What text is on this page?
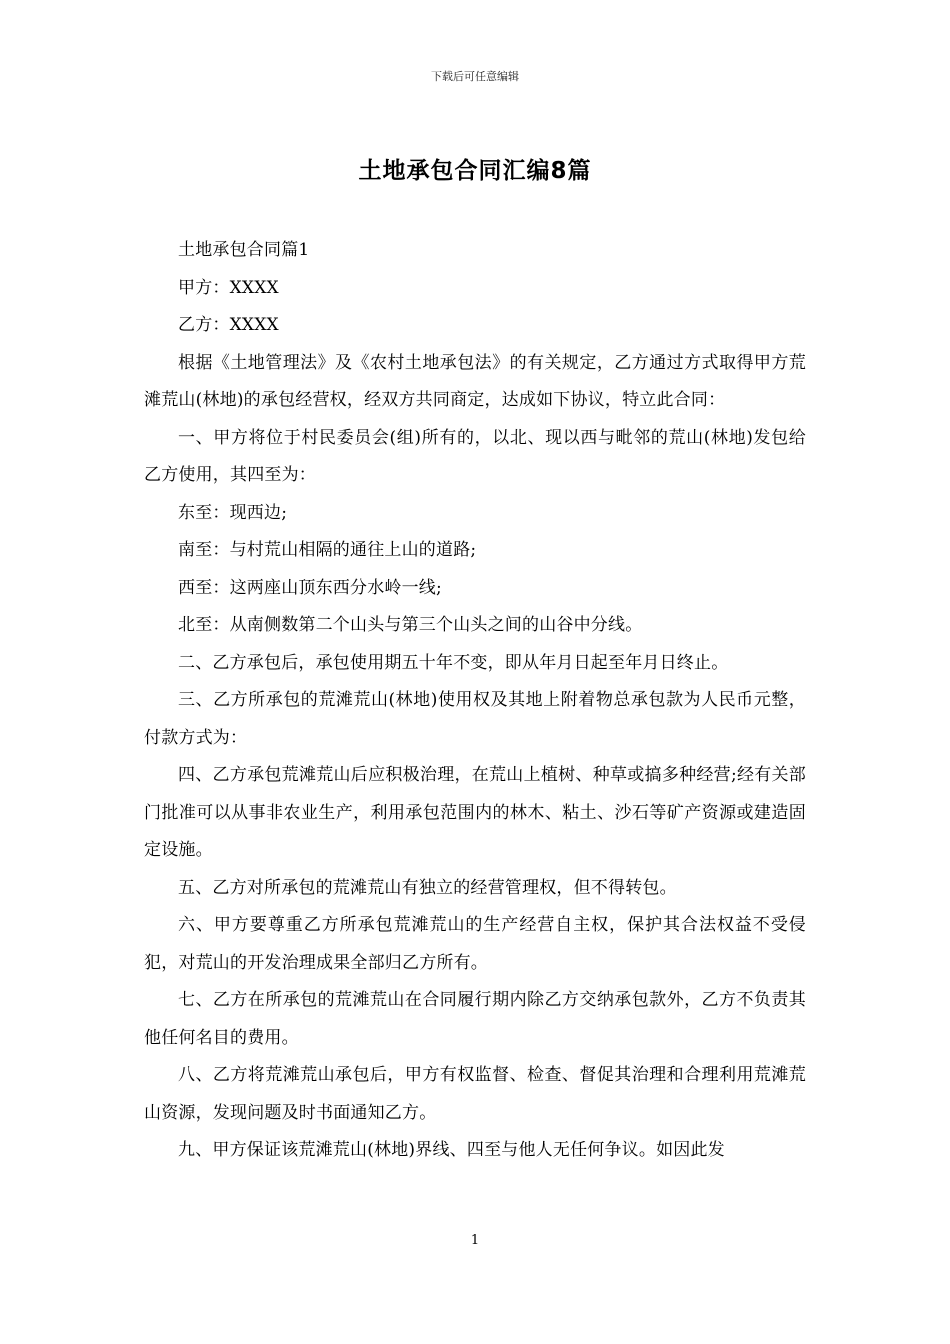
下载后可任意编辑
土地承包合同汇编8篇

土地承包合同篇1

甲方：XXXX

乙方：XXXX

根据《土地管理法》及《农村土地承包法》的有关规定，乙方通过方式取得甲方荒滩荒山(林地)的承包经营权，经双方共同商定，达成如下协议，特立此合同：

一、甲方将位于村民委员会(组)所有的，以北、现以西与毗邻的荒山(林地)发包给乙方使用，其四至为：

东至：现西边;

南至：与村荒山相隔的通往上山的道路;

西至：这两座山顶东西分水岭一线;

北至：从南侧数第二个山头与第三个山头之间的山谷中分线。

二、乙方承包后，承包使用期五十年不变，即从年月日起至年月日终止。

三、乙方所承包的荒滩荒山(林地)使用权及其地上附着物总承包款为人民币元整，付款方式为：

四、乙方承包荒滩荒山后应积极治理，在荒山上植树、种草或搞多种经营;经有关部门批准可以从事非农业生产，利用承包范围内的林木、粘土、沙石等矿产资源或建造固定设施。

五、乙方对所承包的荒滩荒山有独立的经营管理权，但不得转包。

六、甲方要尊重乙方所承包荒滩荒山的生产经营自主权，保护其合法权益不受侵犯，对荒山的开发治理成果全部归乙方所有。

七、乙方在所承包的荒滩荒山在合同履行期内除乙方交纳承包款外，乙方不负责其他任何名目的费用。

八、乙方将荒滩荒山承包后，甲方有权监督、检查、督促其治理和合理利用荒滩荒山资源，发现问题及时书面通知乙方。

九、甲方保证该荒滩荒山(林地)界线、四至与他人无任何争议。如因此发

1
